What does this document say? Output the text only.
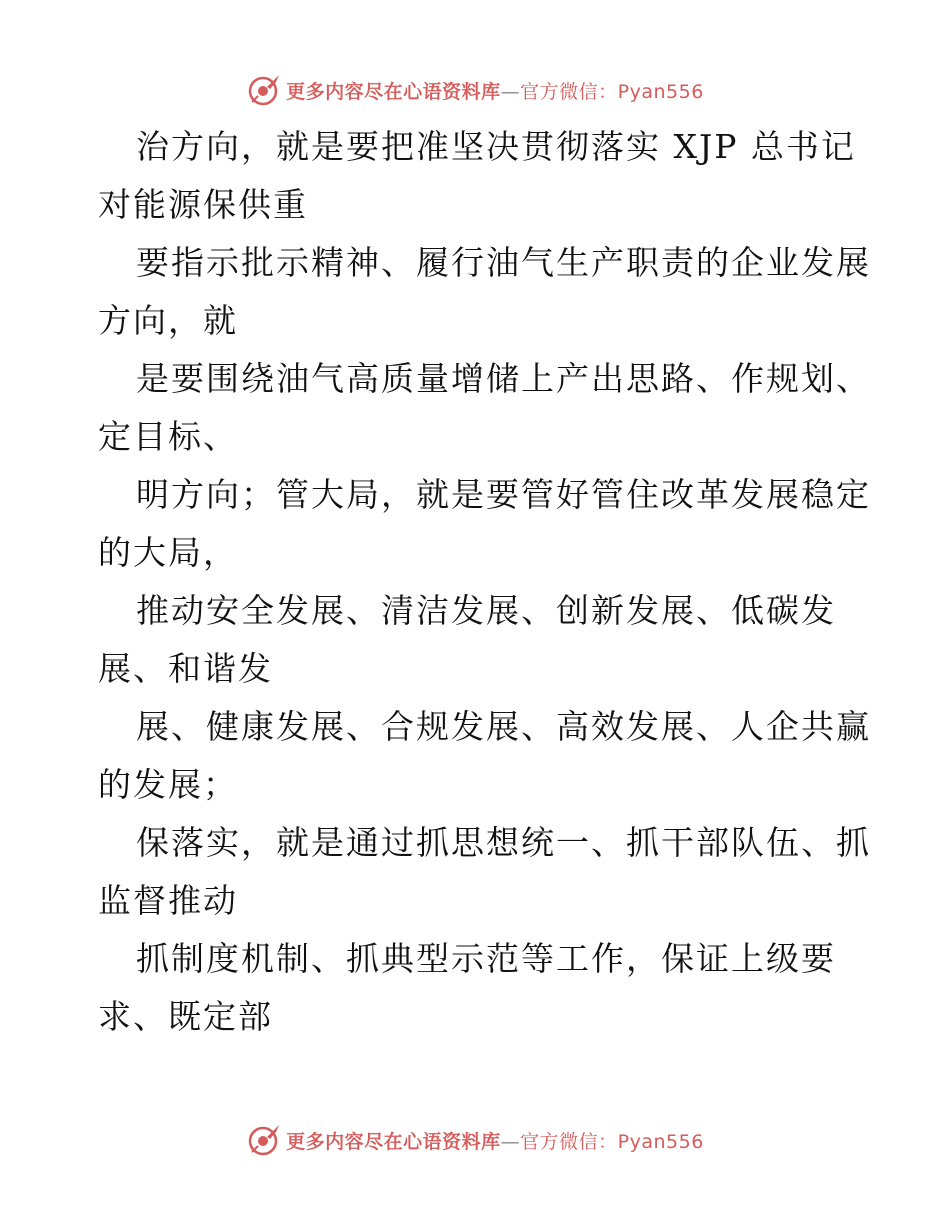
更多内容尽在心语资料库—官方微信：Pyan556
治方向，就是要把准坚决贯彻落实 XJP 总书记
对能源保供重
要指示批示精神、履行油气生产职责的企业发展
方向，就
是要围绕油气高质量增储上产出思路、作规划、
定目标、
明方向；管大局，就是要管好管住改革发展稳定
的大局，
推动安全发展、清洁发展、创新发展、低碳发
展、和谐发
展、健康发展、合规发展、高效发展、人企共赢
的发展；
保落实，就是通过抓思想统一、抓干部队伍、抓
监督推动
抓制度机制、抓典型示范等工作，保证上级要
求、既定部
更多内容尽在心语资料库—官方微信：Pyan556
